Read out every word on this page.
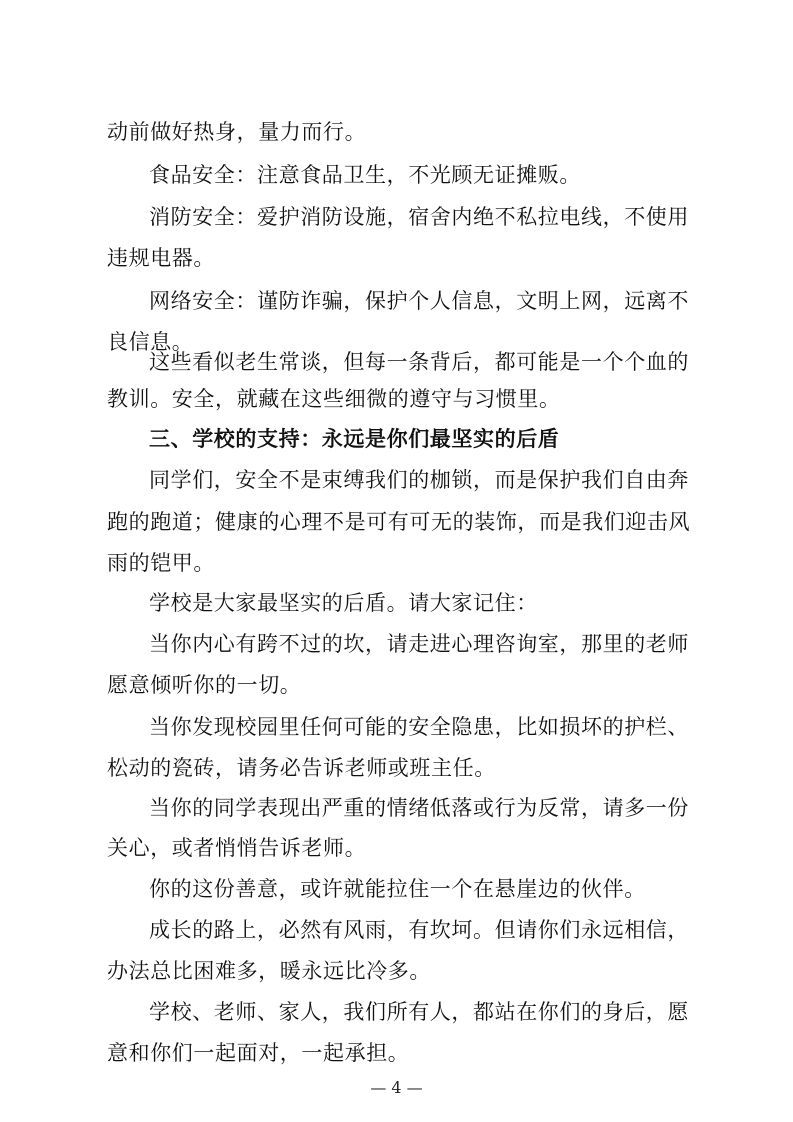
动前做好热身，量力而行。
食品安全：注意食品卫生，不光顾无证摊贩。
消防安全：爱护消防设施，宿舍内绝不私拉电线，不使用
违规电器。
网络安全：谨防诈骗，保护个人信息，文明上网，远离不
良信息。
这些看似老生常谈，但每一条背后，都可能是一个个血的
教训。安全，就藏在这些细微的遵守与习惯里。
三、学校的支持：永远是你们最坚实的后盾
同学们，安全不是束缚我们的枷锁，而是保护我们自由奔
跑的跑道；健康的心理不是可有可无的装饰，而是我们迎击风
雨的铠甲。
学校是大家最坚实的后盾。请大家记住：
当你内心有跨不过的坎，请走进心理咨询室，那里的老师
愿意倾听你的一切。
当你发现校园里任何可能的安全隐患，比如损坏的护栏、
松动的瓷砖，请务必告诉老师或班主任。
当你的同学表现出严重的情绪低落或行为反常，请多一份
关心，或者悄悄告诉老师。
你的这份善意，或许就能拉住一个在悬崖边的伙伴。
成长的路上，必然有风雨，有坎坷。但请你们永远相信，
办法总比困难多，暖永远比冷多。
学校、老师、家人，我们所有人，都站在你们的身后，愿
意和你们一起面对，一起承担。
— 4 —
